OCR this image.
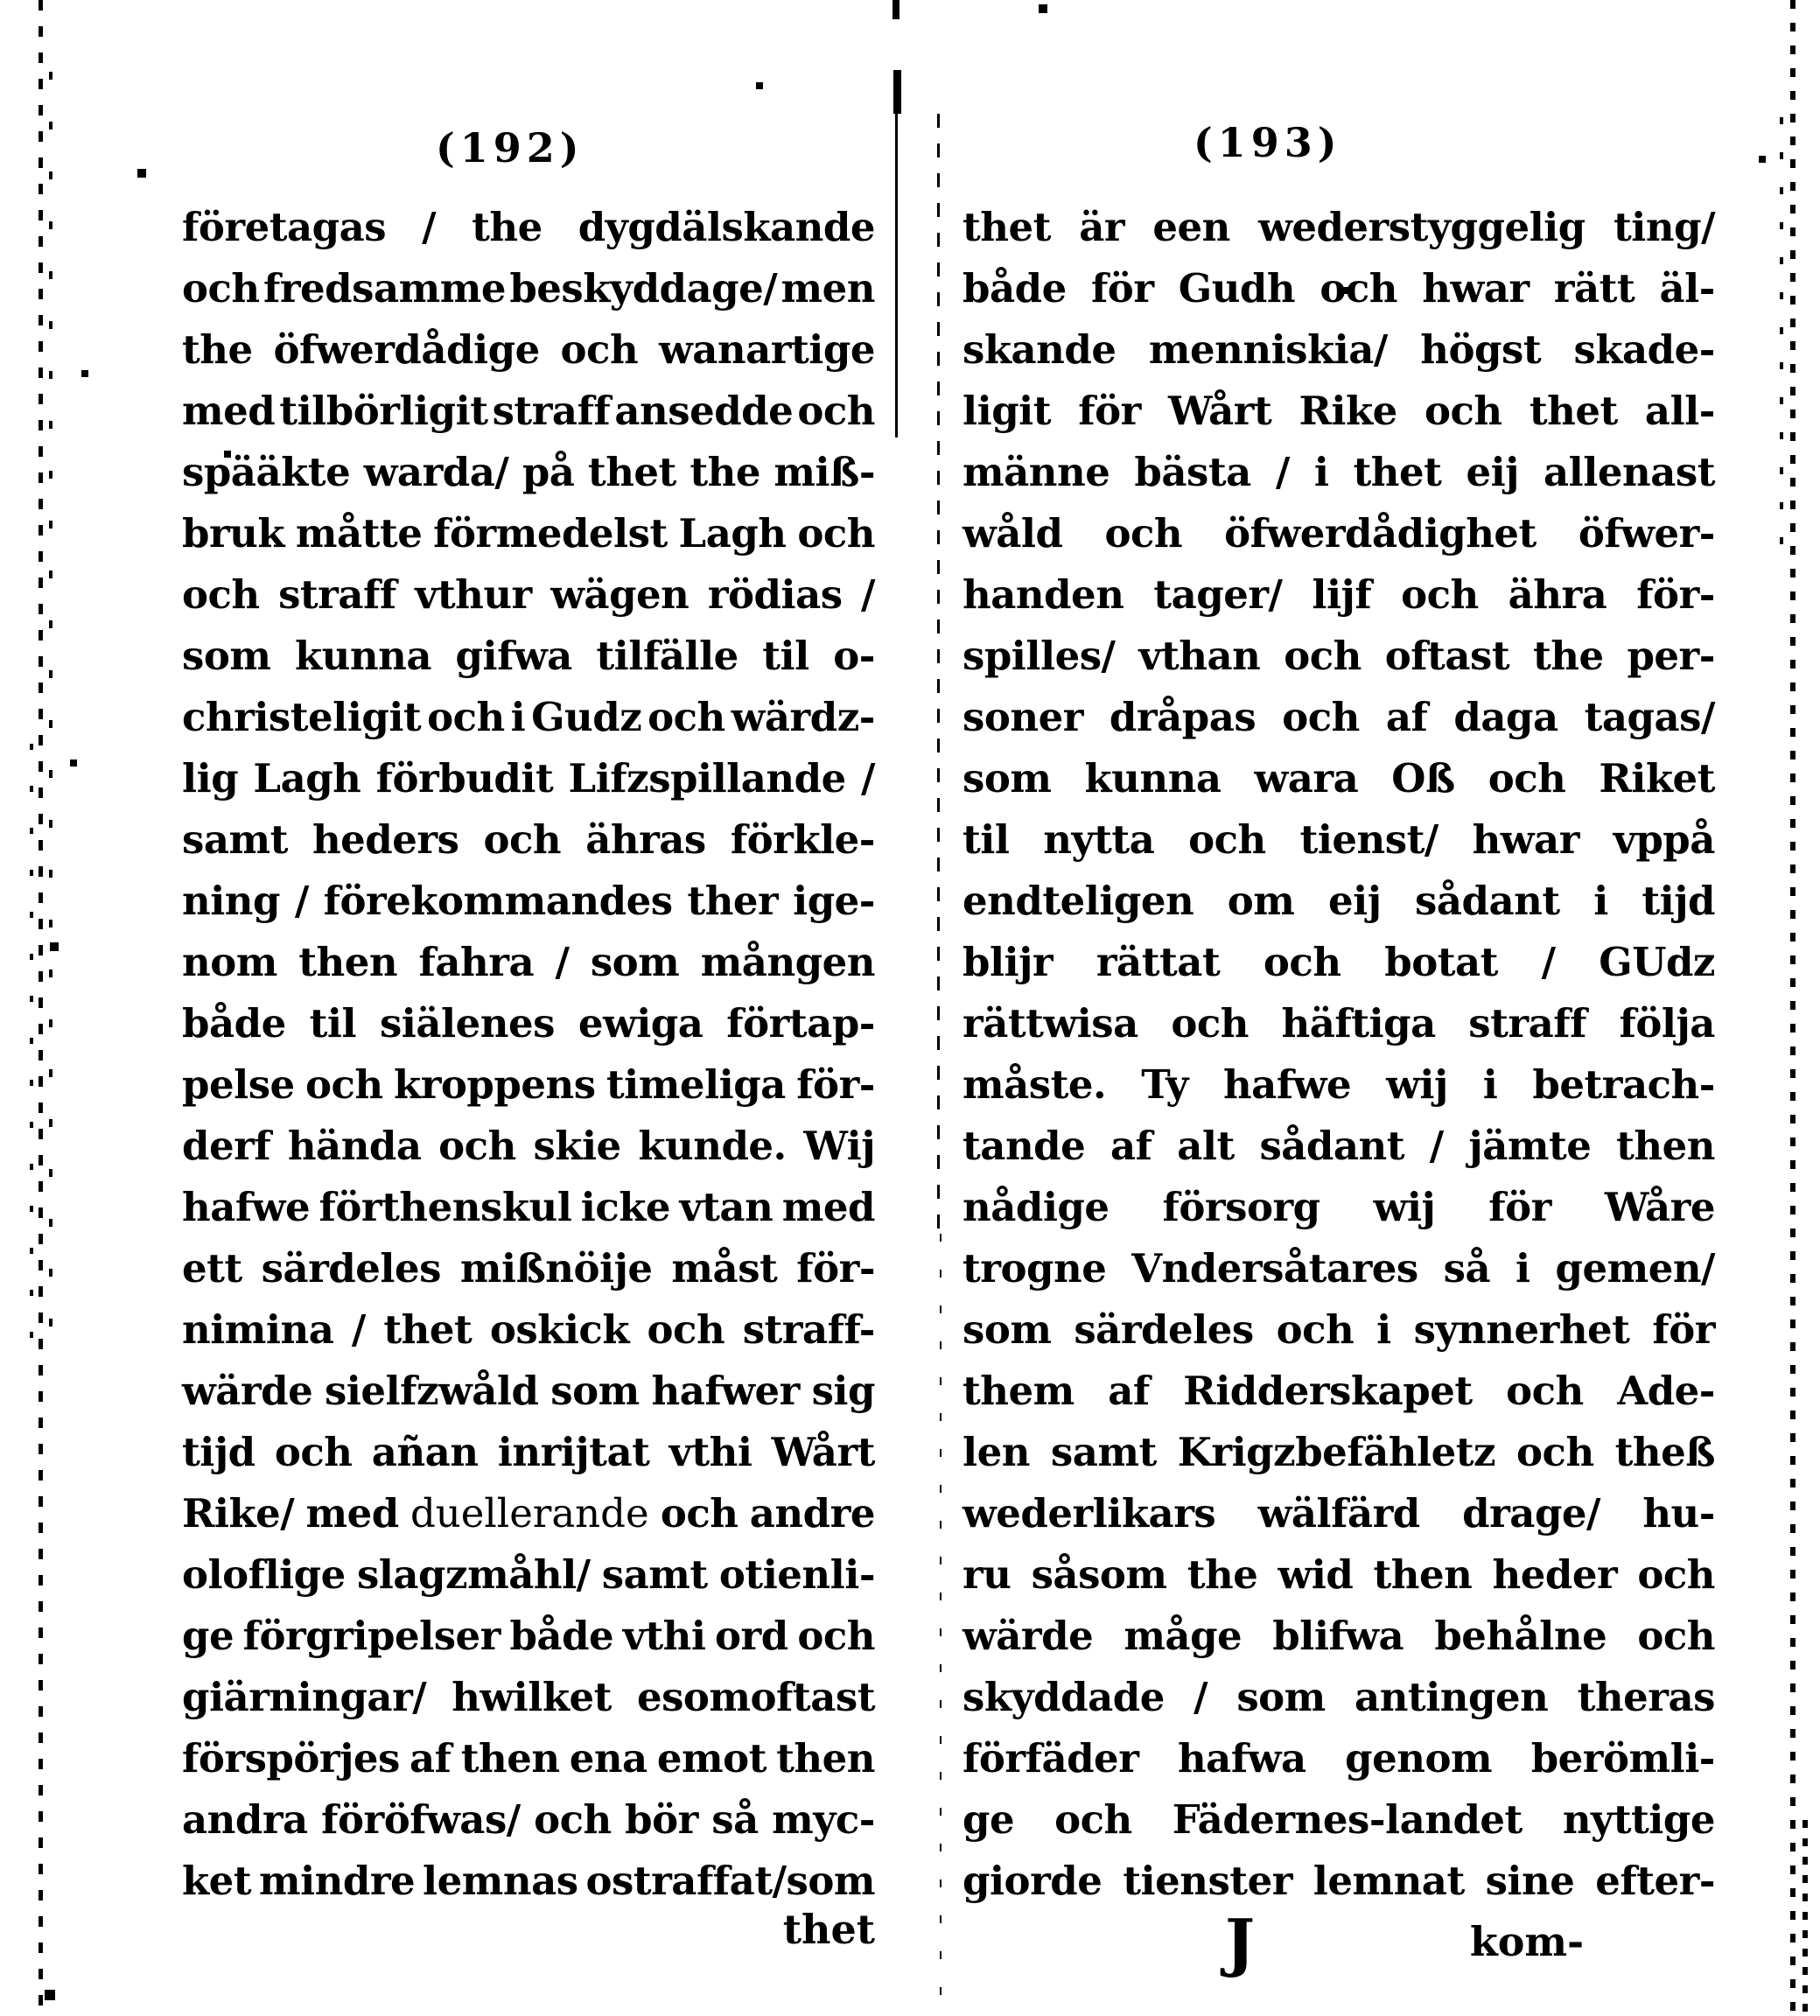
(192)	(193)
företagas / the dygdälskande
och fredsamme beskyddage/ men
the öfwerdådige och wanartige
med tilbörligit straff ansedde och
spääkte warda/ på thet the miß-
bruk måtte förmedelst Lagh och
och straff vthur wägen rödias /
som kunna gifwa tilfälle til o-
christeligit och i Gudz och wärdz-
lig Lagh förbudit Lifzspillande /
samt heders och ähras förkle-
ning / förekommandes ther ige-
nom then fahra / som mången
både til siälenes ewiga förtap-
pelse och kroppens timeliga för-
derf hända och skie kunde. Wij
hafwe förthenskul icke vtan med
ett särdeles mißnöije måst för-
nimina / thet oskick och straff-
wärde sielfzwåld som hafwer sig
tijd och añan inrijtat vthi Wårt
Rike/ med duellerande och andre
oloflige slagzmåhl/ samt otienli-
ge förgripelser både vthi ord och
giärningar/ hwilket esomoftast
förspörjes af then ena emot then
andra föröfwas/ och bör så myc-
ket mindre lemnas ostraffat/som
thet är een wederstyggelig ting/
både för Gudh och hwar rätt äl-
skande menniskia/ högst skade-
ligit för Wårt Rike och thet all-
männe bästa / i thet eij allenast
wåld och öfwerdådighet öfwer-
handen tager/ lijf och ähra för-
spilles/ vthan och oftast the per-
soner dråpas och af daga tagas/
som kunna wara Oß och Riket
til nytta och tienst/ hwar vppå
endteligen om eij sådant i tijd
blijr rättat och botat / GUdz
rättwisa och häftiga straff följa
måste. Ty hafwe wij i betrach-
tande af alt sådant / jämte then
nådige försorg wij för Wåre
trogne Vndersåtares så i gemen/
som särdeles och i synnerhet för
them af Ridderskapet och Ade-
len samt Krigzbefähletz och theß
wederlikars wälfärd drage/ hu-
ru såsom the wid then heder och
wärde måge blifwa behålne och
skyddade / som antingen theras
förfäder hafwa genom berömli-
ge och Fädernes-landet nyttige
giorde tienster lemnat sine efter-
thet	J	kom-
